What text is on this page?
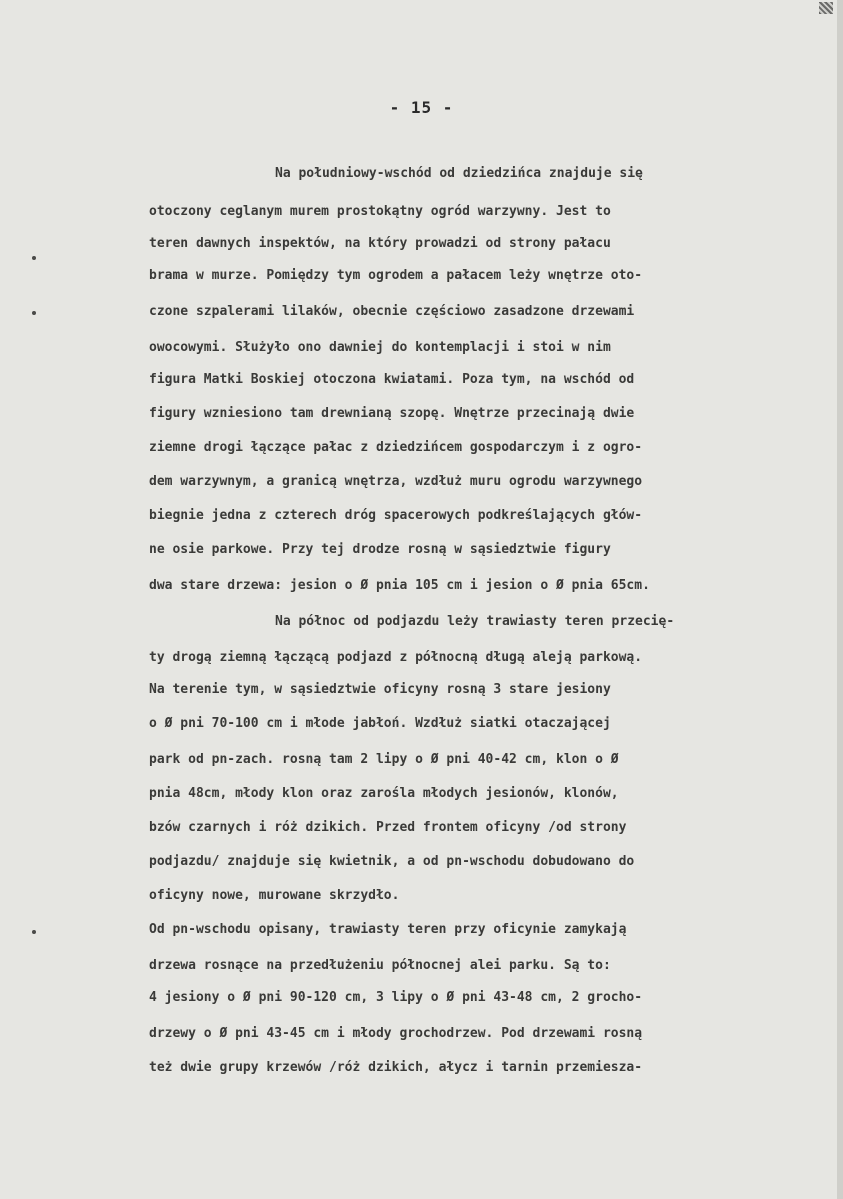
- 15 -
Na południowy-wschód od dziedzińca znajduje się
otoczony ceglanym murem prostokątny ogród warzywny. Jest to
teren dawnych inspektów, na który prowadzi od strony pałacu
brama w murze. Pomiędzy tym ogrodem a pałacem leży wnętrze oto-
czone szpalerami lilaków, obecnie częściowo zasadzone drzewami
owocowymi. Służyło ono dawniej do kontemplacji i stoi w nim
figura Matki Boskiej otoczona kwiatami. Poza tym, na wschód od
figury wzniesiono tam drewnianą szopę. Wnętrze przecinają dwie
ziemne drogi łączące pałac z dziedzińcem gospodarczym i z ogro-
dem warzywnym, a granicą wnętrza, wzdłuż muru ogrodu warzywnego
biegnie jedna z czterech dróg spacerowych podkreślających głów-
ne osie parkowe. Przy tej drodze rosną w sąsiedztwie figury
dwa stare drzewa: jesion o Ø pnia 105 cm i jesion o Ø pnia 65cm.
Na północ od podjazdu leży trawiasty teren przecię-
ty drogą ziemną łączącą podjazd z północną długą aleją parkową.
Na terenie tym, w sąsiedztwie oficyny rosną 3 stare jesiony
o Ø pni 70-100 cm i młode jabłoń. Wzdłuż siatki otaczającej
park od pn-zach. rosną tam 2 lipy o Ø pni 40-42 cm, klon o Ø
pnia 48cm, młody klon oraz zarośla młodych jesionów, klonów,
bzów czarnych i róż dzikich. Przed frontem oficyny /od strony
podjazdu/ znajduje się kwietnik, a od pn-wschodu dobudowano do
oficyny nowe, murowane skrzydło.
Od pn-wschodu opisany, trawiasty teren przy oficynie zamykają
drzewa rosnące na przedłużeniu północnej alei parku. Są to:
4 jesiony o Ø pni 90-120 cm, 3 lipy o Ø pni 43-48 cm, 2 grocho-
drzewy o Ø pni 43-45 cm i młody grochodrzew. Pod drzewami rosną
też dwie grupy krzewów /róż dzikich, ałycz i tarnin przemiesza-
